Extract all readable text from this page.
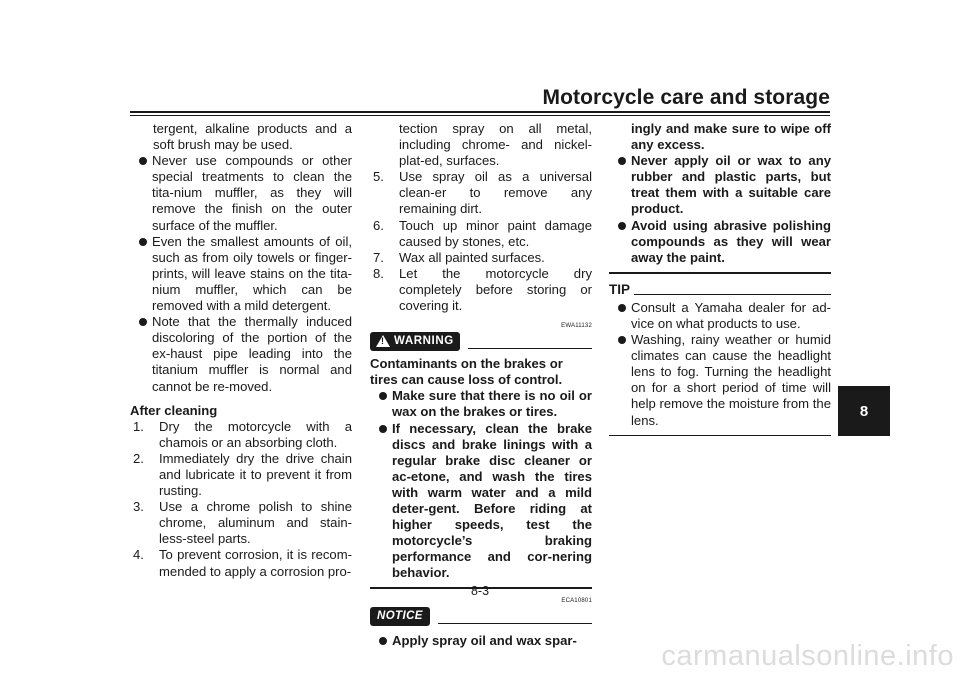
Motorcycle care and storage
tergent, alkaline products and a soft brush may be used.
Never use compounds or other special treatments to clean the tita-nium muffler, as they will remove the finish on the outer surface of the muffler.
Even the smallest amounts of oil, such as from oily towels or finger-prints, will leave stains on the tita-nium muffler, which can be removed with a mild detergent.
Note that the thermally induced discoloring of the portion of the ex-haust pipe leading into the titanium muffler is normal and cannot be re-moved.
After cleaning
1. Dry the motorcycle with a chamois or an absorbing cloth.
2. Immediately dry the drive chain and lubricate it to prevent it from rusting.
3. Use a chrome polish to shine chrome, aluminum and stain-less-steel parts.
4. To prevent corrosion, it is recom-mended to apply a corrosion pro-
tection spray on all metal, including chrome- and nickel-plat-ed, surfaces.
5. Use spray oil as a universal clean-er to remove any remaining dirt.
6. Touch up minor paint damage caused by stones, etc.
7. Wax all painted surfaces.
8. Let the motorcycle dry completely before storing or covering it.
EWA11132
! WARNING
Contaminants on the brakes or tires can cause loss of control.
Make sure that there is no oil or wax on the brakes or tires.
If necessary, clean the brake discs and brake linings with a regular brake disc cleaner or ac-etone, and wash the tires with warm water and a mild deter-gent. Before riding at higher speeds, test the motorcycle’s braking performance and cor-nering behavior.
ECA10801
NOTICE
Apply spray oil and wax spar-
ingly and make sure to wipe off any excess.
Never apply oil or wax to any rubber and plastic parts, but treat them with a suitable care product.
Avoid using abrasive polishing compounds as they will wear away the paint.
TIP
Consult a Yamaha dealer for ad-vice on what products to use.
Washing, rainy weather or humid climates can cause the headlight lens to fog. Turning the headlight on for a short period of time will help remove the moisture from the lens.
8
8-3
carmanualsonline.info
